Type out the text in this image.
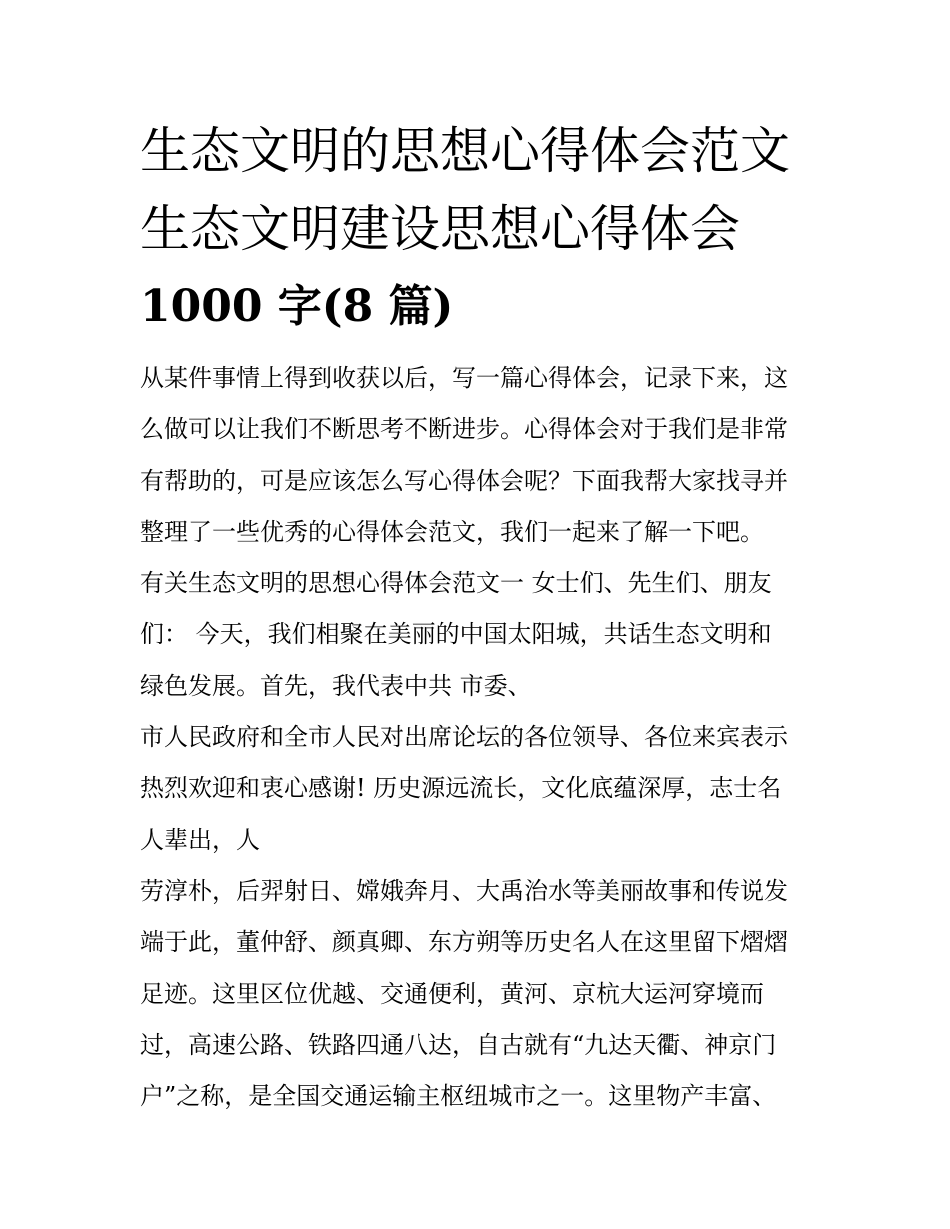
生态文明的思想心得体会范文
生态文明建设思想心得体会
1000 字(8 篇)
从某件事情上得到收获以后，写一篇心得体会，记录下来，这
么做可以让我们不断思考不断进步。心得体会对于我们是非常
有帮助的，可是应该怎么写心得体会呢？下面我帮大家找寻并
整理了一些优秀的心得体会范文，我们一起来了解一下吧。
有关生态文明的思想心得体会范文一 女士们、先生们、朋友
们： 今天，我们相聚在美丽的中国太阳城，共话生态文明和
绿色发展。首先，我代表中共 市委、
市人民政府和全市人民对出席论坛的各位领导、各位来宾表示
热烈欢迎和衷心感谢! 历史源远流长，文化底蕴深厚，志士名
人辈出，人
劳淳朴，后羿射日、嫦娥奔月、大禹治水等美丽故事和传说发
端于此，董仲舒、颜真卿、东方朔等历史名人在这里留下熠熠
足迹。这里区位优越、交通便利，黄河、京杭大运河穿境而
过，高速公路、铁路四通八达，自古就有“九达天衢、神京门
户”之称，是全国交通运输主枢纽城市之一。这里物产丰富、
